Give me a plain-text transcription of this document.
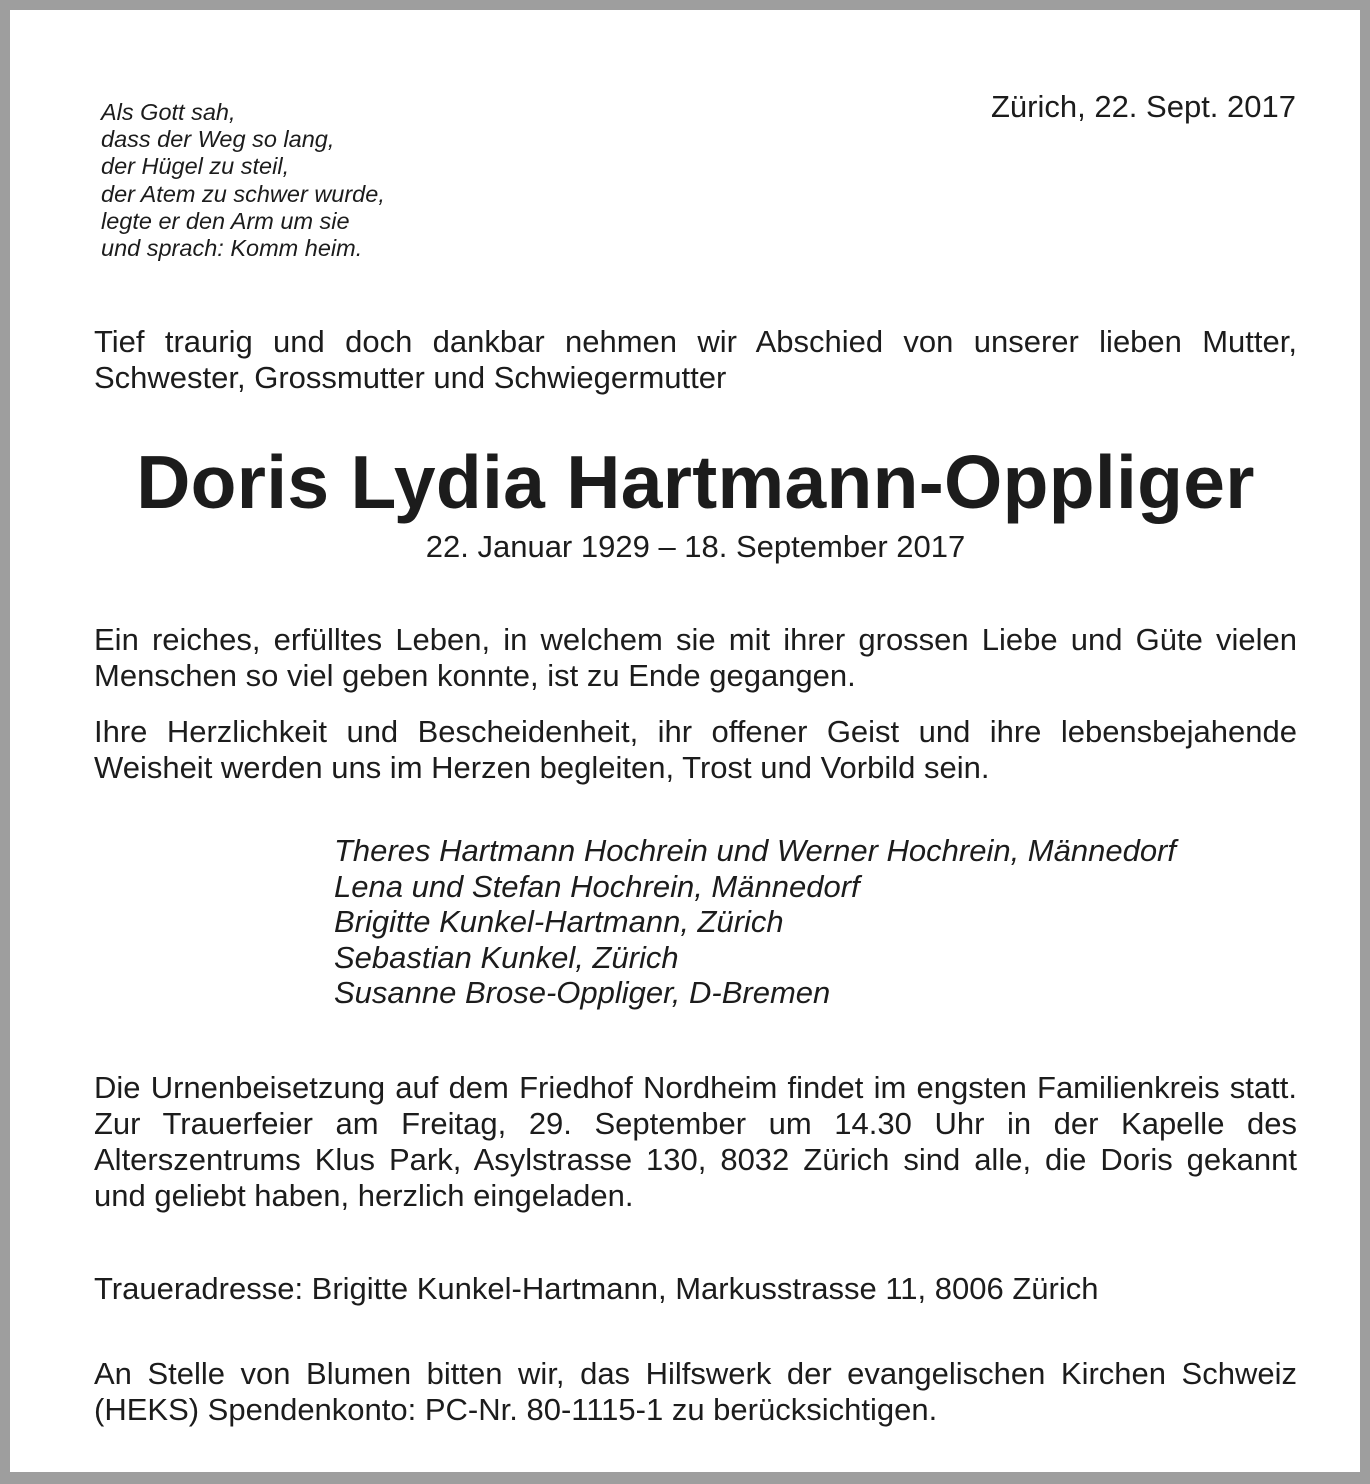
Als Gott sah,
dass der Weg so lang,
der Hügel zu steil,
der Atem zu schwer wurde,
legte er den Arm um sie
und sprach: Komm heim.
Zürich, 22. Sept. 2017
Tief traurig und doch dankbar nehmen wir Abschied von unserer lieben Mutter, Schwester, Grossmutter und Schwiegermutter
Doris Lydia Hartmann-Oppliger
22. Januar 1929 – 18. September 2017
Ein reiches, erfülltes Leben, in welchem sie mit ihrer grossen Liebe und Güte vielen Menschen so viel geben konnte, ist zu Ende gegangen.
Ihre Herzlichkeit und Bescheidenheit, ihr offener Geist und ihre lebensbejahende Weisheit werden uns im Herzen begleiten, Trost und Vorbild sein.
Theres Hartmann Hochrein und Werner Hochrein, Männedorf
Lena und Stefan Hochrein, Männedorf
Brigitte Kunkel-Hartmann, Zürich
Sebastian Kunkel, Zürich
Susanne Brose-Oppliger, D-Bremen
Die Urnenbeisetzung auf dem Friedhof Nordheim findet im engsten Familienkreis statt. Zur Trauerfeier am Freitag, 29. September um 14.30 Uhr in der Kapelle des Alterszentrums Klus Park, Asylstrasse 130, 8032 Zürich sind alle, die Doris gekannt und geliebt haben, herzlich eingeladen.
Traueradresse: Brigitte Kunkel-Hartmann, Markusstrasse 11, 8006 Zürich
An Stelle von Blumen bitten wir, das Hilfswerk der evangelischen Kirchen Schweiz (HEKS) Spendenkonto: PC-Nr. 80-1115-1 zu berücksichtigen.
